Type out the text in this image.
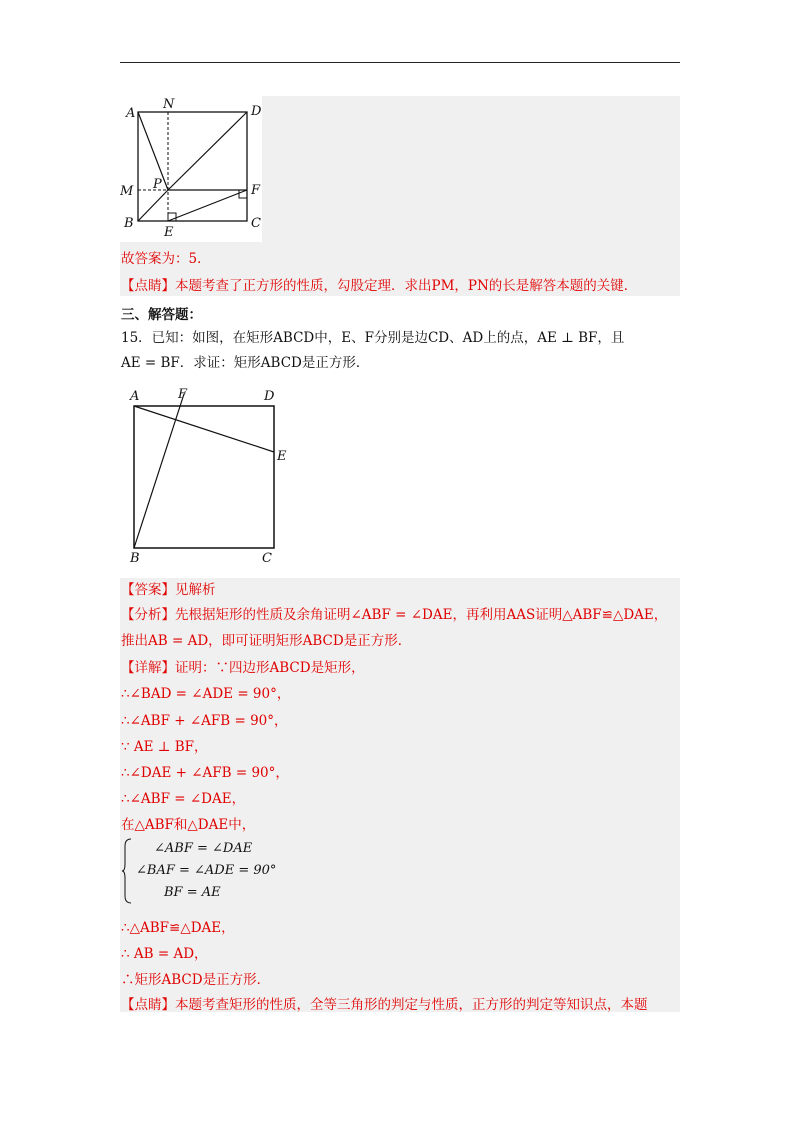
A
N	D
M P	F
B
E
C
故答案为：5．
【点睛】本题考查了正方形的性质，勾股定理．求出PM，PN的长是解答本题的关键．
三、解答题：
15．已知：如图，在矩形ABCD中，E、F分别是边CD、AD上的点，AE ⊥ BF，且
AE = BF．求证：矩形ABCD是正方形．
A	F	D
E
B	C
【答案】见解析
【分析】先根据矩形的性质及余角证明∠ABF = ∠DAE，再利用AAS证明△ABF≌△DAE，
推出AB = AD，即可证明矩形ABCD是正方形．
【详解】证明：∵四边形ABCD是矩形，
∴∠BAD = ∠ADE = 90°，
∴∠ABF + ∠AFB = 90°，
∵ AE ⊥ BF，
∴∠DAE + ∠AFB = 90°，
∴∠ABF = ∠DAE，
在△ABF和△DAE中，
∠ABF = ∠DAE
∠BAF = ∠ADE = 90°
BF = AE
∴△ABF≌△DAE，
∴ AB = AD，
∴矩形ABCD是正方形．
【点睛】本题考查矩形的性质，全等三角形的判定与性质，正方形的判定等知识点，本题
